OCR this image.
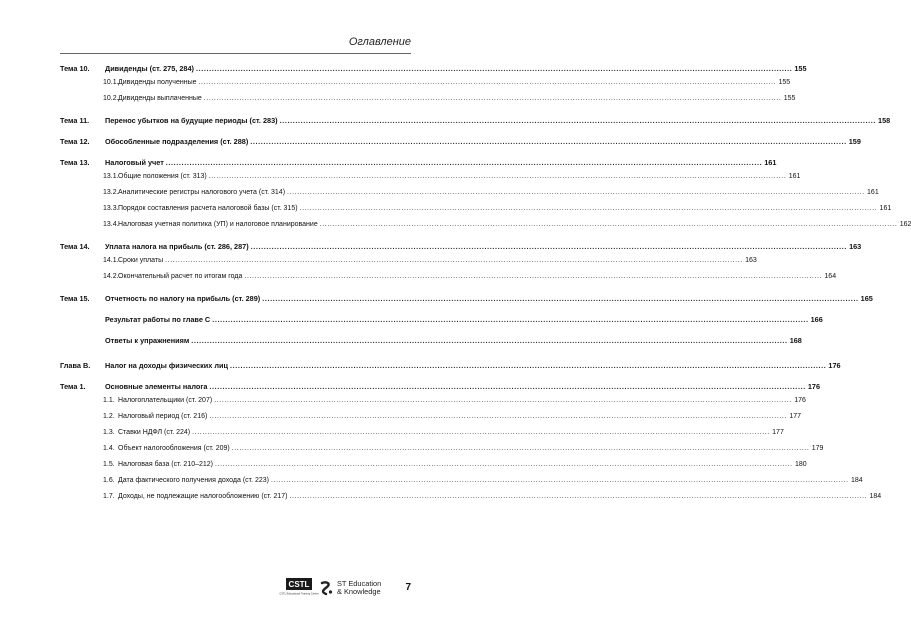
Оглавление
Тема 10.	Дивиденды (ст. 275, 284) .....	155
10.1. Дивиденды полученные .....	155
10.2. Дивиденды выплаченные .....	155
Тема 11.	Перенос убытков на будущие периоды (ст. 283) .....	158
Тема 12.	Обособленные подразделения (ст. 288) .....	159
Тема 13.	Налоговый учет .....	161
13.1. Общие положения (ст. 313) .....	161
13.2. Аналитические регистры налогового учета (ст. 314) .....	161
13.3. Порядок составления расчета налоговой базы (ст. 315) .....	161
13.4. Налоговая учетная политика (УП) и налоговое планирование .....	162
Тема 14.	Уплата налога на прибыль (ст. 286, 287) .....	163
14.1. Сроки уплаты .....	163
14.2. Окончательный расчет по итогам года .....	164
Тема 15.	Отчетность по налогу на прибыль (ст. 289) .....	165
Результат работы по главе С .....	166
Ответы к упражнениям .....	168
Глава В.	Налог на доходы физических лиц .....	176
Тема 1.	Основные элементы налога .....	176
1.1. Налогоплательщики (ст. 207) .....	176
1.2. Налоговый период (ст. 216) .....	177
1.3. Ставки НДФЛ (ст. 224) .....	177
1.4. Объект налогообложения (ст. 209) .....	179
1.5. Налоговая база (ст. 210–212) .....	180
1.6. Дата фактического получения дохода (ст. 223) .....	184
1.7. Доходы, не подлежащие налогообложению (ст. 217) .....	184
CSTL
CSTL Educational Training Center
ST Education
& Knowledge 7
